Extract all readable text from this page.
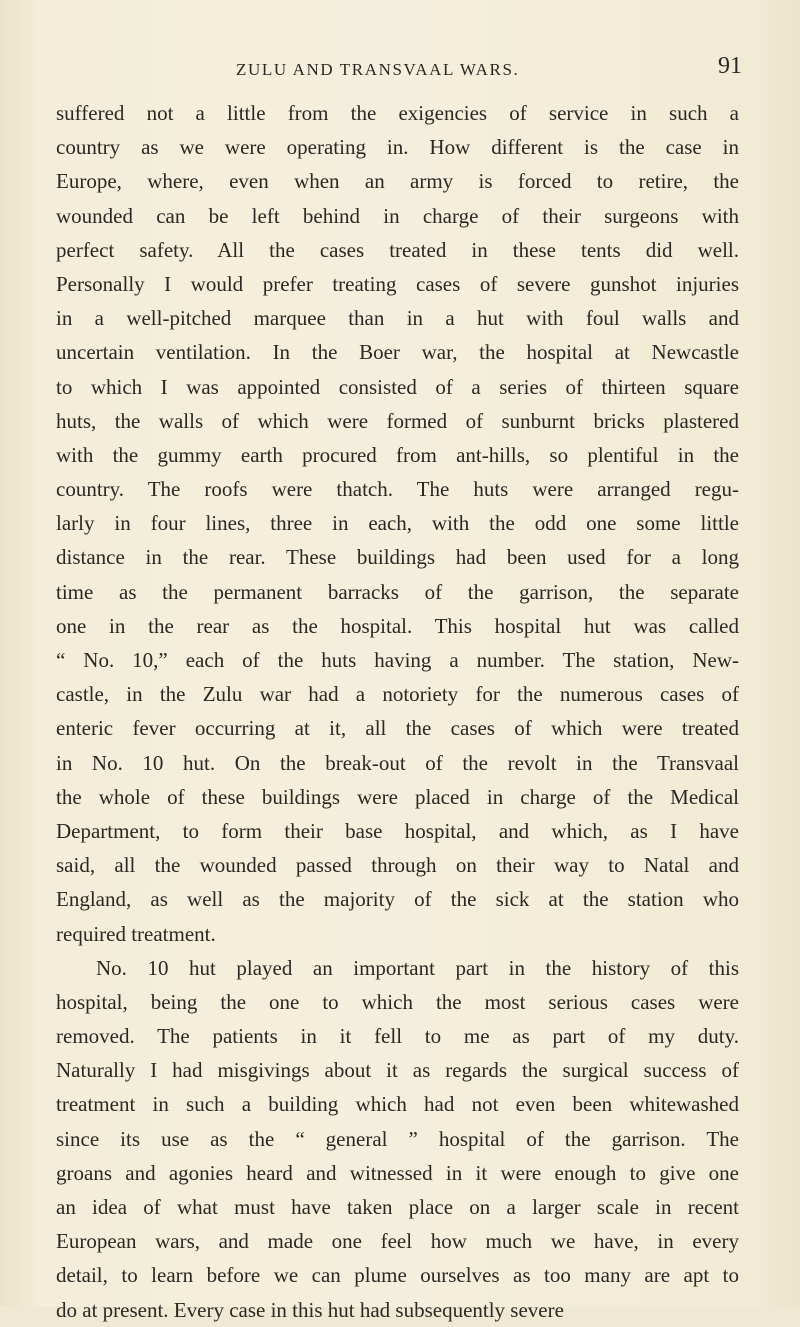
ZULU AND TRANSVAAL WARS.	91
suffered not a little from the exigencies of service in such a
country as we were operating in. How different is the case in
Europe, where, even when an army is forced to retire, the
wounded can be left behind in charge of their surgeons with
perfect safety. All the cases treated in these tents did well.
Personally I would prefer treating cases of severe gunshot injuries
in a well-pitched marquee than in a hut with foul walls and
uncertain ventilation. In the Boer war, the hospital at Newcastle
to which I was appointed consisted of a series of thirteen square
huts, the walls of which were formed of sunburnt bricks plastered
with the gummy earth procured from ant-hills, so plentiful in the
country. The roofs were thatch. The huts were arranged regu-
larly in four lines, three in each, with the odd one some little
distance in the rear. These buildings had been used for a long
time as the permanent barracks of the garrison, the separate
one in the rear as the hospital. This hospital hut was called
“ No. 10,” each of the huts having a number. The station, New-
castle, in the Zulu war had a notoriety for the numerous cases of
enteric fever occurring at it, all the cases of which were treated
in No. 10 hut. On the break-out of the revolt in the Transvaal
the whole of these buildings were placed in charge of the Medical
Department, to form their base hospital, and which, as I have
said, all the wounded passed through on their way to Natal and
England, as well as the majority of the sick at the station who
required treatment.
No. 10 hut played an important part in the history of this
hospital, being the one to which the most serious cases were
removed. The patients in it fell to me as part of my duty.
Naturally I had misgivings about it as regards the surgical success of
treatment in such a building which had not even been whitewashed
since its use as the “ general ” hospital of the garrison. The
groans and agonies heard and witnessed in it were enough to give one
an idea of what must have taken place on a larger scale in recent
European wars, and made one feel how much we have, in every
detail, to learn before we can plume ourselves as too many are apt to
do at present. Every case in this hut had subsequently severe
